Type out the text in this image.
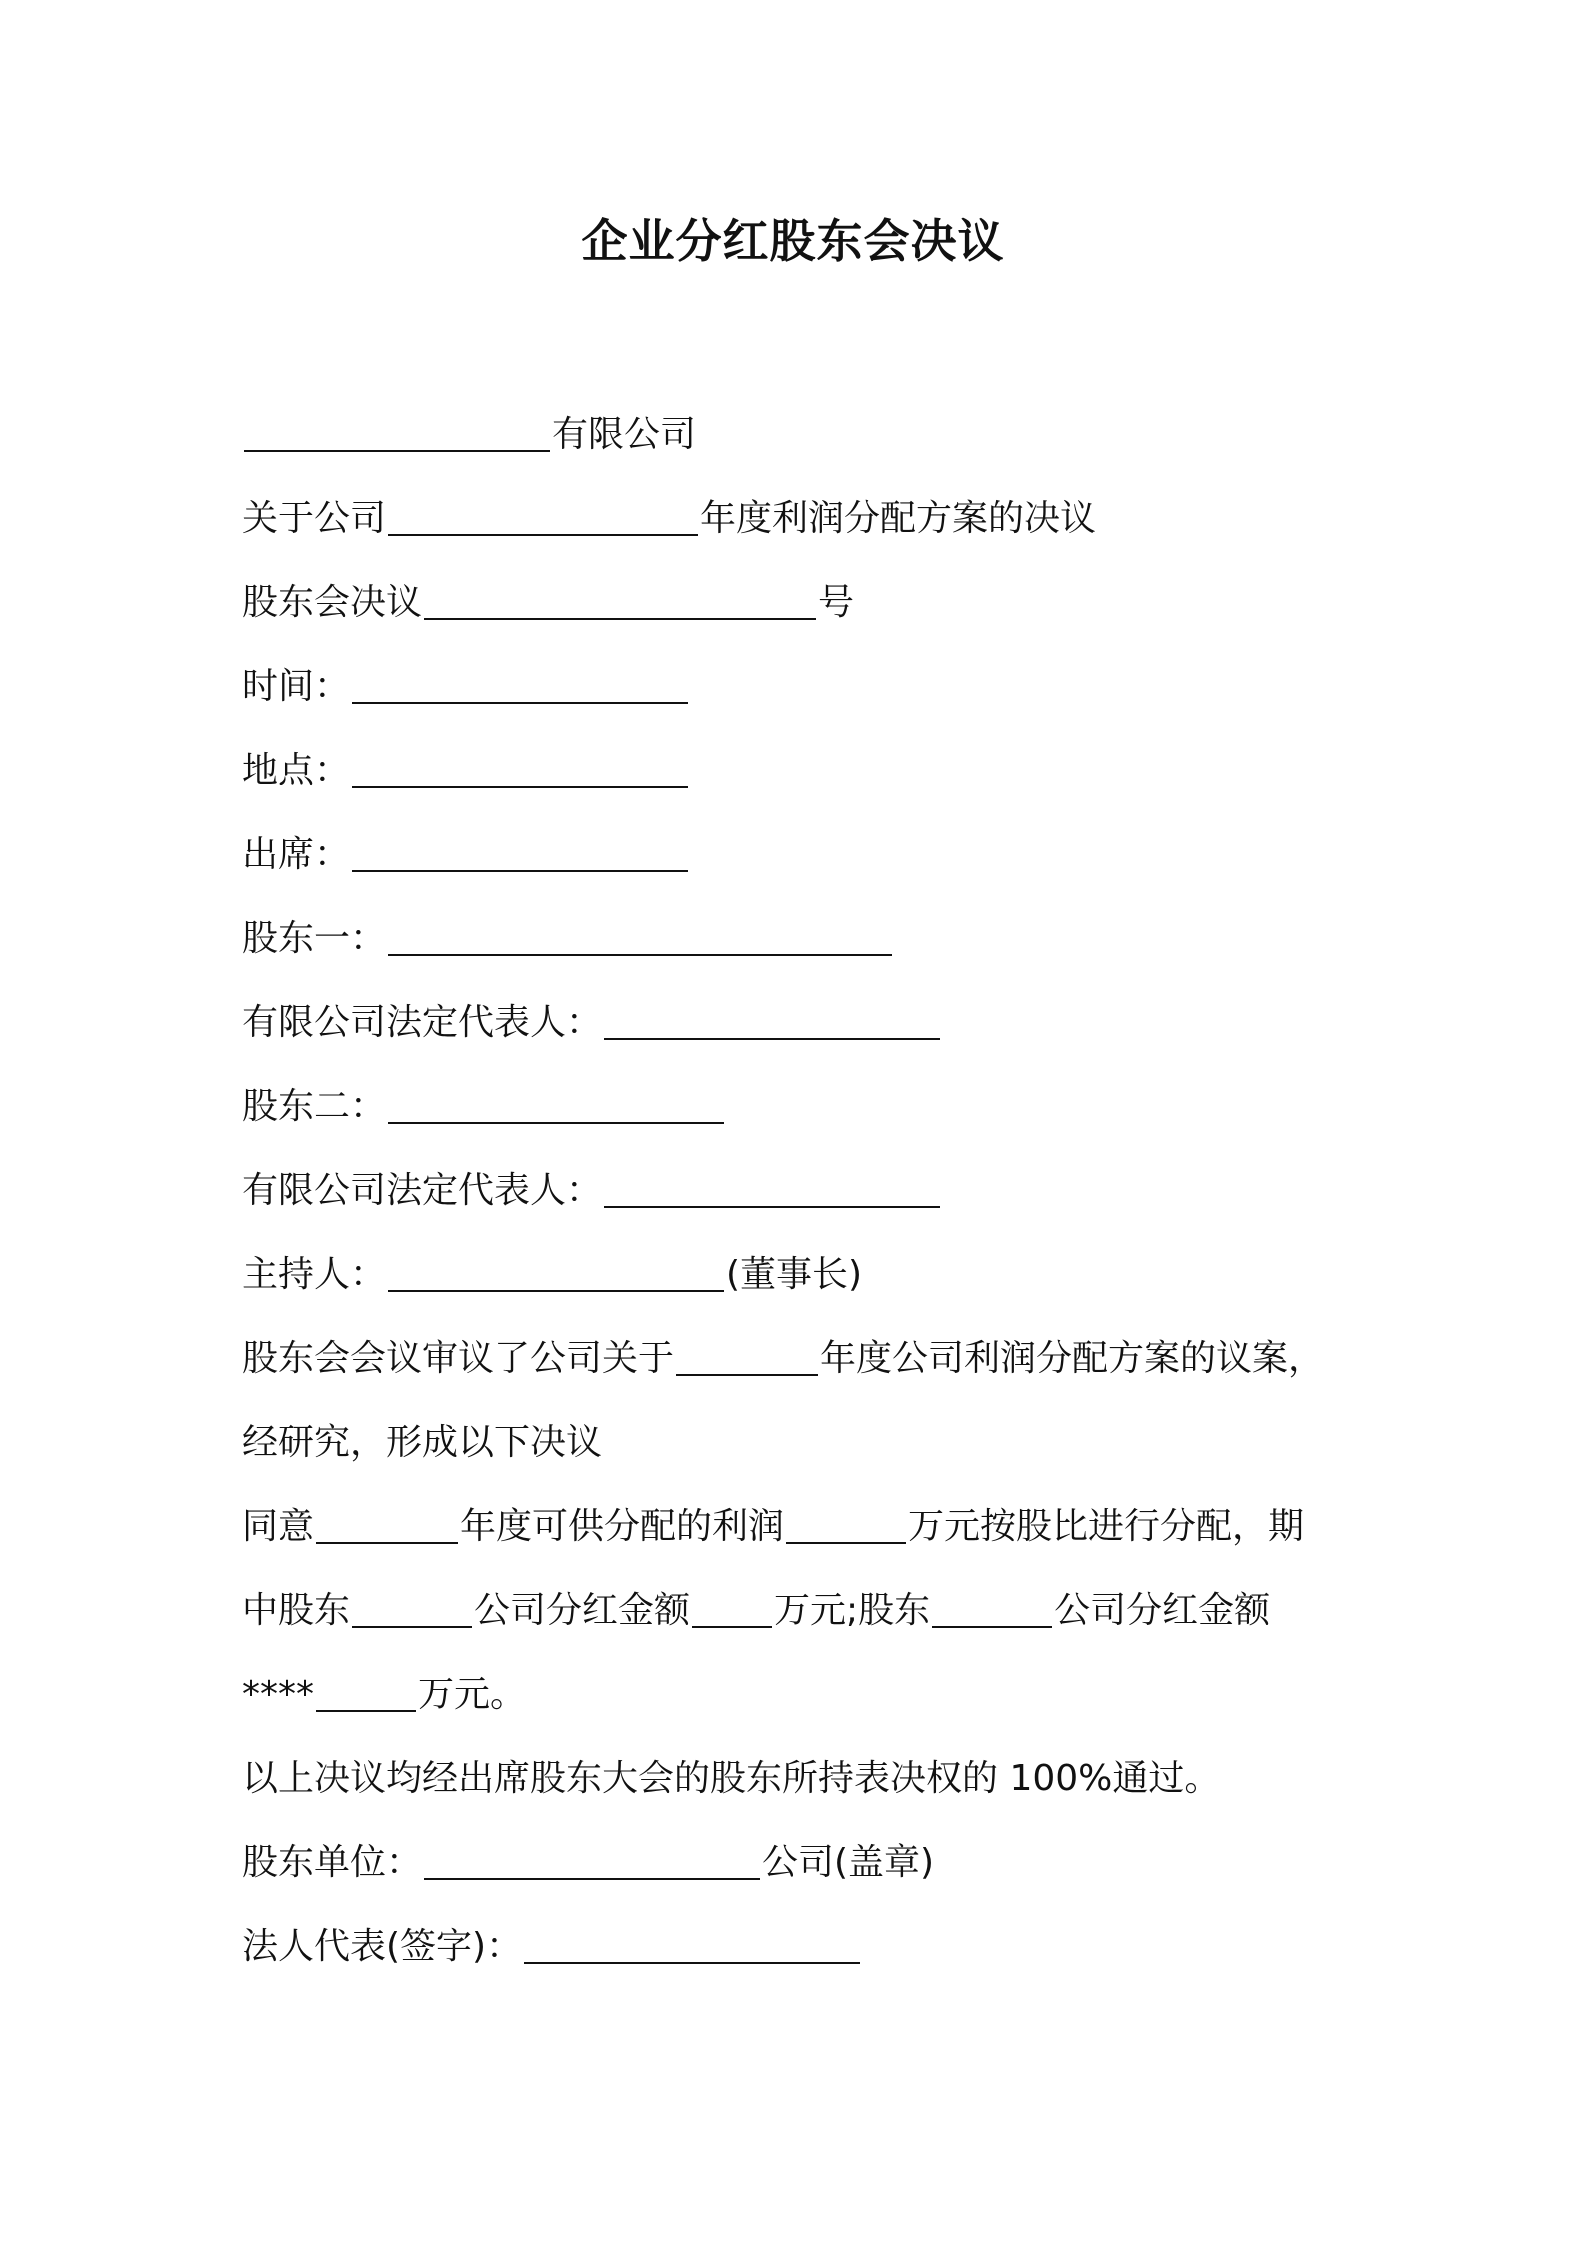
企业分红股东会决议
有限公司
关于公司	年度利润分配方案的决议
股东会决议	号
时间：
地点：
出席：
股东一：
有限公司法定代表人：
股东二：
有限公司法定代表人：
主持人：	(董事长)
股东会会议审议了公司关于	年度公司利润分配方案的议案，
经研究，形成以下决议
同意	年度可供分配的利润	万元按股比进行分配，期
中股东	公司分红金额 万元;股东	公司分红金额
****	万元。
以上决议均经出席股东大会的股东所持表决权的 100%通过。
股东单位：	公司(盖章)
法人代表(签字)：
